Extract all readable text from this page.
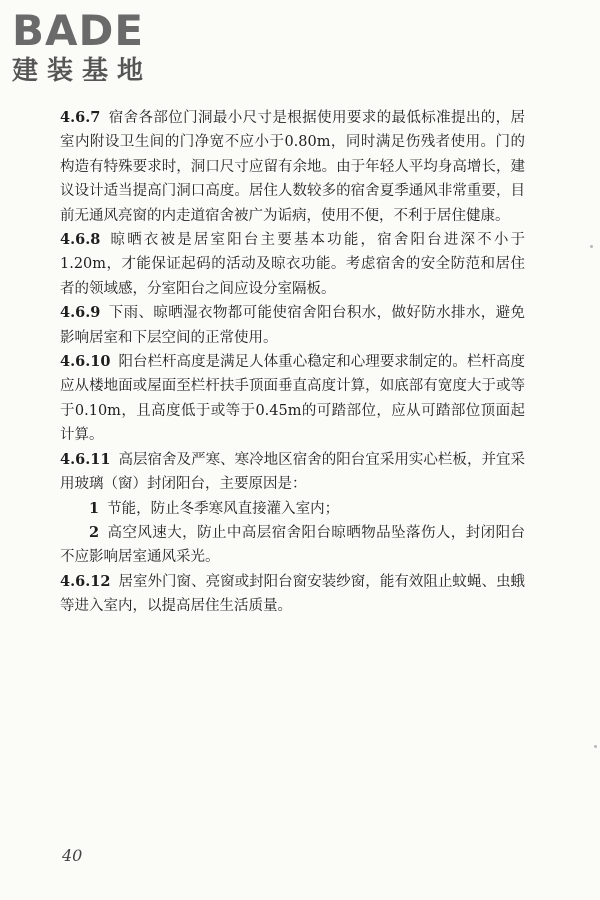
BADE
建装基地

4.6.7 宿舍各部位门洞最小尺寸是根据使用要求的最低标准提出的，居室内附设卫生间的门净宽不应小于0.80m，同时满足伤残者使用。门的构造有特殊要求时，洞口尺寸应留有余地。由于年轻人平均身高增长，建议设计适当提高门洞口高度。居住人数较多的宿舍夏季通风非常重要，目前无通风亮窗的内走道宿舍被广为诟病，使用不便，不利于居住健康。

4.6.8 晾晒衣被是居室阳台主要基本功能，宿舍阳台进深不小于1.20m，才能保证起码的活动及晾衣功能。考虑宿舍的安全防范和居住者的领域感，分室阳台之间应设分室隔板。

4.6.9 下雨、晾晒湿衣物都可能使宿舍阳台积水，做好防水排水，避免影响居室和下层空间的正常使用。

4.6.10 阳台栏杆高度是满足人体重心稳定和心理要求制定的。栏杆高度应从楼地面或屋面至栏杆扶手顶面垂直高度计算，如底部有宽度大于或等于0.10m，且高度低于或等于0.45m的可踏部位，应从可踏部位顶面起计算。

4.6.11 高层宿舍及严寒、寒冷地区宿舍的阳台宜采用实心栏板，并宜采用玻璃（窗）封闭阳台，主要原因是：

1 节能，防止冬季寒风直接灌入室内；

2 高空风速大，防止中高层宿舍阳台晾晒物品坠落伤人，封闭阳台不应影响居室通风采光。

4.6.12 居室外门窗、亮窗或封阳台窗安装纱窗，能有效阻止蚊蝇、虫蛾等进入室内，以提高居住生活质量。

40
